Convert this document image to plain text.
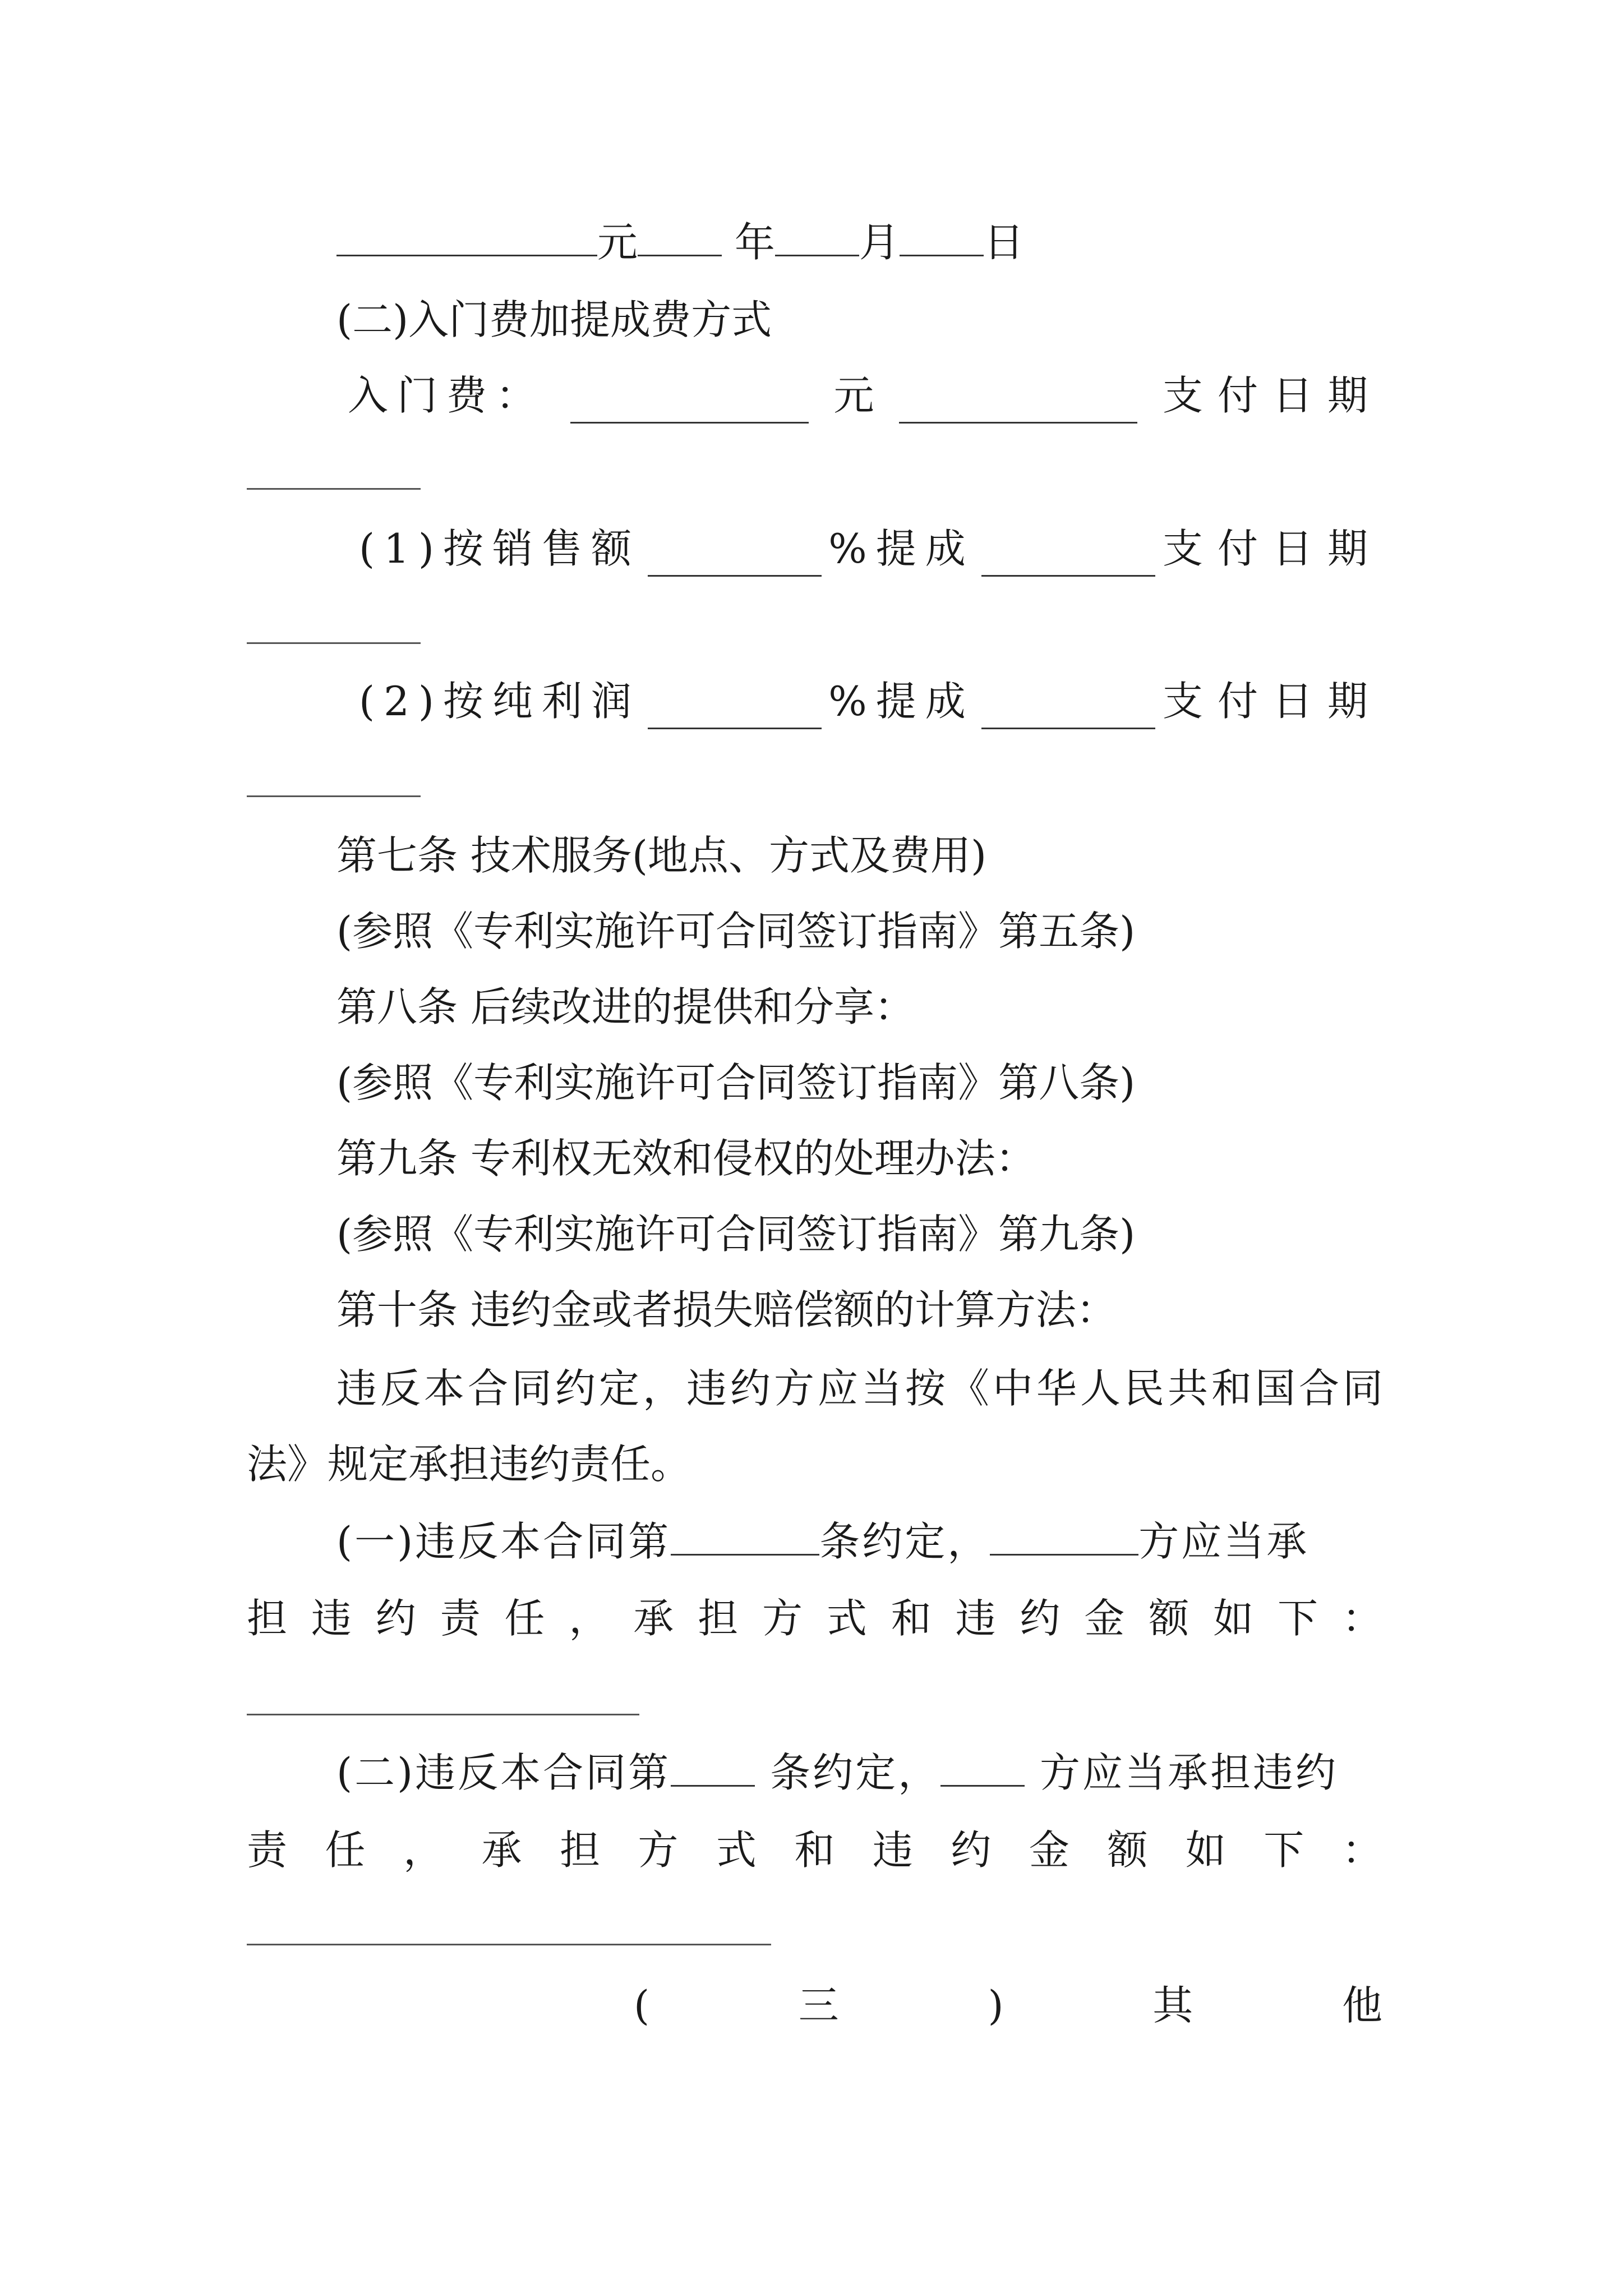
元 年 月 日
(二)入门费加提成费方式
入门费：	元	支付日期
(1)按销售额	%提成	支付日期
(2)按纯利润	%提成	支付日期
第七条 技术服务(地点、方式及费用)
(参照《专利实施许可合同签订指南》第五条)
第八条 后续改进的提供和分享：
(参照《专利实施许可合同签订指南》第八条)
第九条 专利权无效和侵权的处理办法：
(参照《专利实施许可合同签订指南》第九条)
第十条 违约金或者损失赔偿额的计算方法：
违反本合同约定，违约方应当按《中华人民共和国合同
法》规定承担违约责任。
(一)违反本合同第	条约定，	方应当承
担 违 约 责 任 ， 承 担 方 式 和 违 约 金 额 如 下 ：
(二)违反本合同第 条约定， 方应当承担违约
责 任 ， 承 担 方 式 和 违 约 金 额 如 下 ：
(	三	)	其	他
